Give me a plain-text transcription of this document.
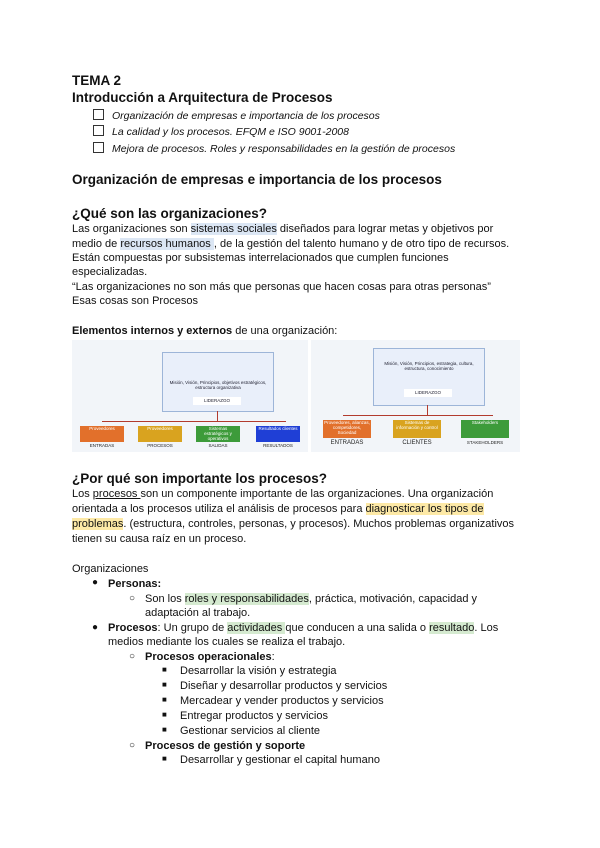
TEMA 2
Introducción a Arquitectura de Procesos
Organización de empresas e importancia de los procesos
La calidad y los procesos. EFQM e ISO 9001-2008
Mejora de procesos. Roles y responsabilidades en la gestión de procesos
Organización de empresas e importancia de los procesos
¿Qué son las organizaciones?
Las organizaciones son sistemas sociales diseñados para lograr metas y objetivos por
medio de recursos humanos , de la gestión del talento humano y de otro tipo de recursos.
Están compuestas por subsistemas interrelacionados que cumplen funciones
especializadas.
“Las organizaciones no son más que personas que hacen cosas para otras personas”
Esas cosas son Procesos
Elementos internos y externos de una organización:
Misión, Visión, Principios, objetivos estratégicos, estructura organizativa
LIDERAZGO
Proveedores	Proveedores	Sistemas estratégicos y operativos
Resultados clientes
ENTRADAS	PROCESOS	SALIDAS	RESULTADOS
Misión, Visión, Principios, estrategia, cultura, estructura, conocimiento
LIDERAZGO
Proveedores, alianzas, competidores, Sociedad
Sistemas de información y control
Stakeholders
ENTRADAS	CLIENTES	STAKEHOLDERS
¿Por qué son importante los procesos?
Los procesos son un componente importante de las organizaciones. Una organización
orientada a los procesos utiliza el análisis de procesos para diagnosticar los tipos de
problemas. (estructura, controles, personas, y procesos). Muchos problemas organizativos
tienen su causa raíz en un proceso.
Organizaciones
● Personas:
○ Son los roles y responsabilidades, práctica, motivación, capacidad y
adaptación al trabajo.
● Procesos: Un grupo de actividades que conducen a una salida o resultado. Los
medios mediante los cuales se realiza el trabajo.
○ Procesos operacionales:
■ Desarrollar la visión y estrategia
■ Diseñar y desarrollar productos y servicios
■ Mercadear y vender productos y servicios
■ Entregar productos y servicios
■ Gestionar servicios al cliente
○ Procesos de gestión y soporte
■ Desarrollar y gestionar el capital humano
